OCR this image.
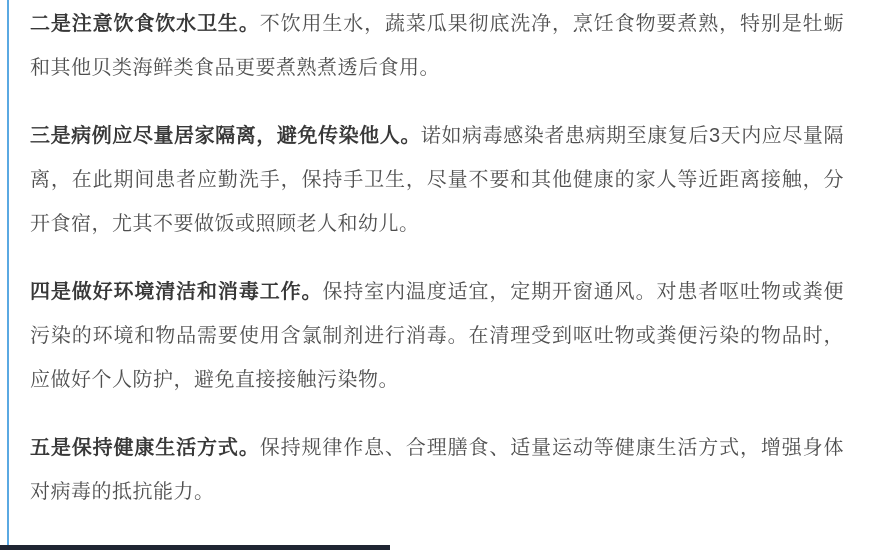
二是注意饮食饮水卫生。不饮用生水，蔬菜瓜果彻底洗净，烹饪食物要煮熟，特别是牡蛎和其他贝类海鲜类食品更要煮熟煮透后食用。

三是病例应尽量居家隔离，避免传染他人。诺如病毒感染者患病期至康复后3天内应尽量隔离，在此期间患者应勤洗手，保持手卫生，尽量不要和其他健康的家人等近距离接触，分开食宿，尤其不要做饭或照顾老人和幼儿。

四是做好环境清洁和消毒工作。保持室内温度适宜，定期开窗通风。对患者呕吐物或粪便污染的环境和物品需要使用含氯制剂进行消毒。在清理受到呕吐物或粪便污染的物品时，应做好个人防护，避免直接接触污染物。

五是保持健康生活方式。保持规律作息、合理膳食、适量运动等健康生活方式，增强身体对病毒的抵抗能力。
